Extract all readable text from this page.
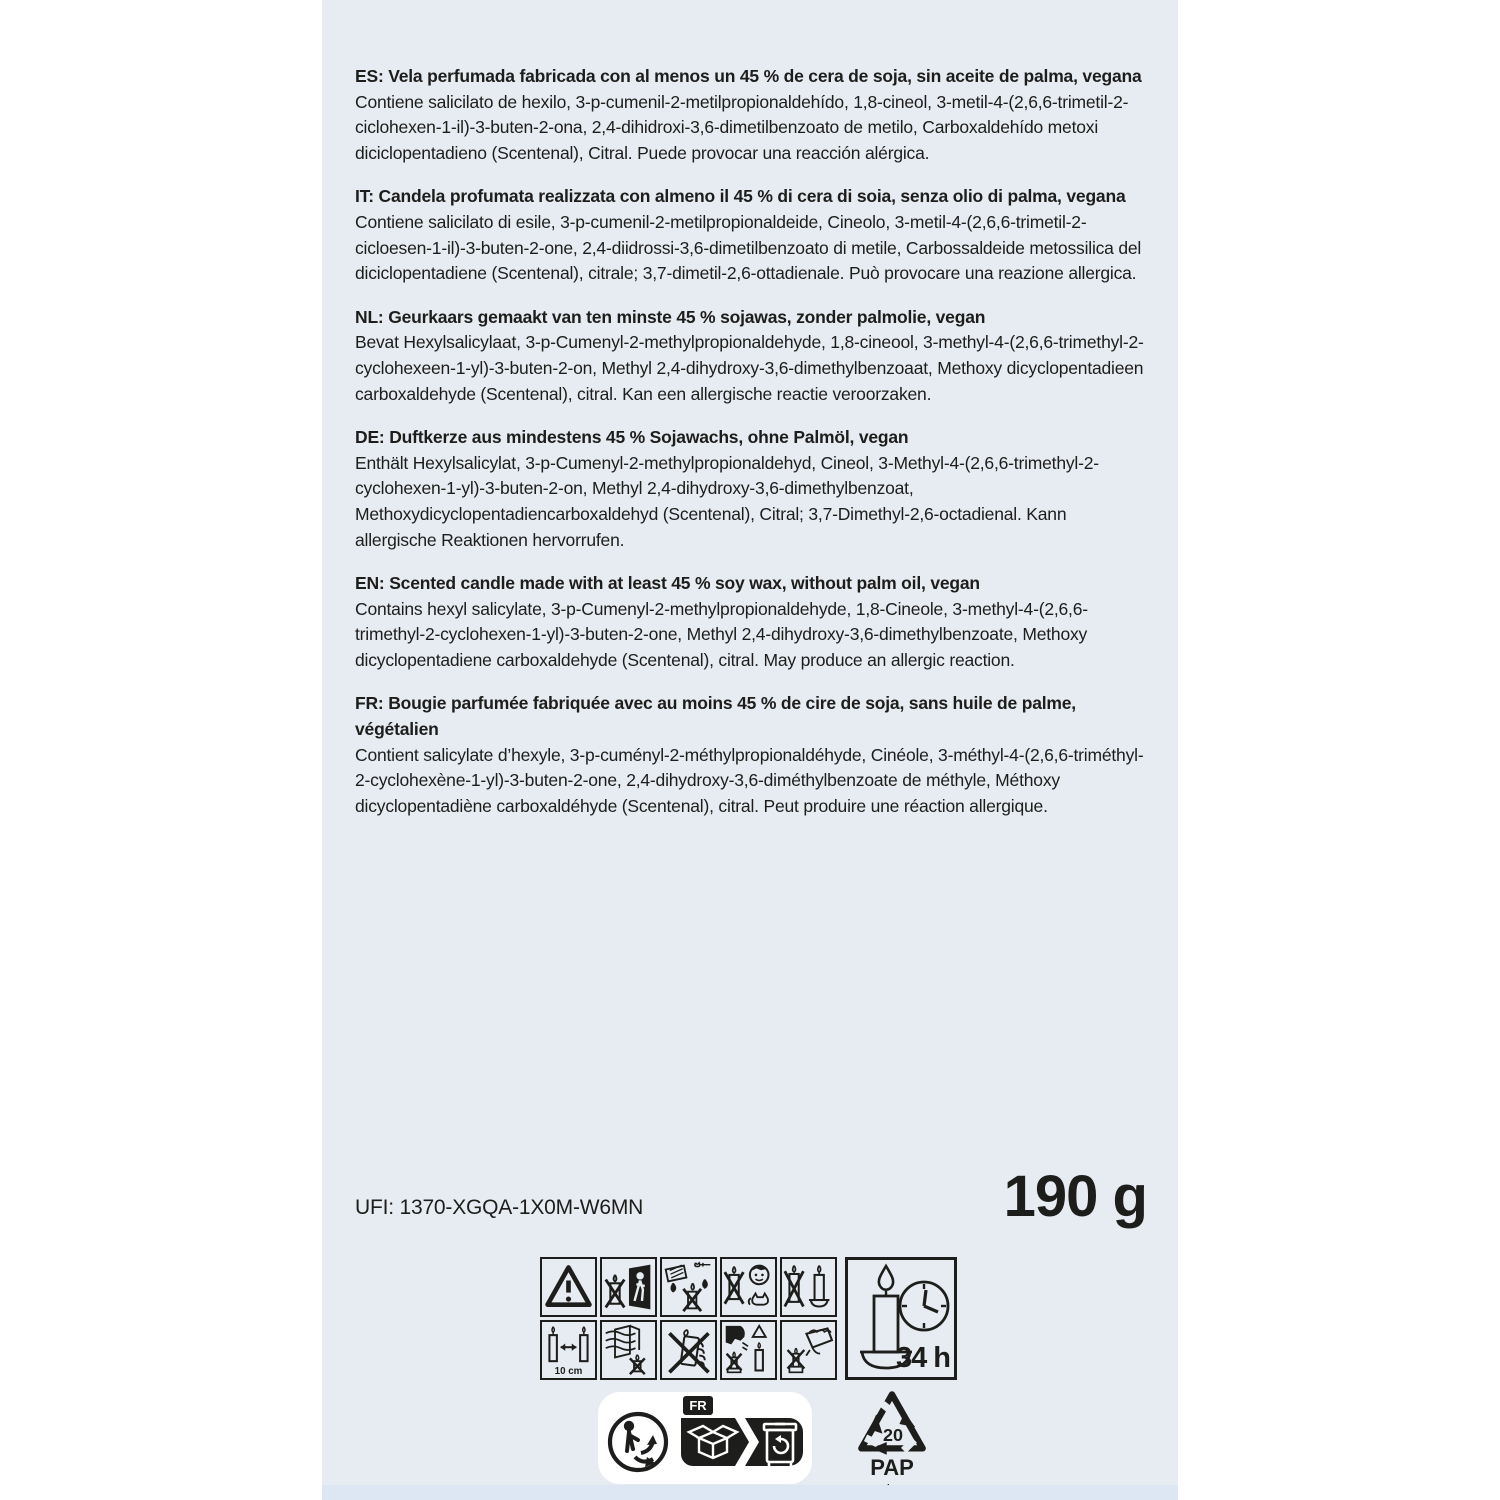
ES: Vela perfumada fabricada con al menos un 45 % de cera de soja, sin aceite de palma, vegana
Contiene salicilato de hexilo, 3-p-cumenil-2-metilpropionaldehído, 1,8-cineol, 3-metil-4-(2,6,6-trimetil-2-ciclohexen-1-il)-3-buten-2-ona, 2,4-dihidroxi-3,6-dimetilbenzoato de metilo, Carboxaldehído metoxi diciclopentadieno (Scentenal), Citral. Puede provocar una reacción alérgica.
IT: Candela profumata realizzata con almeno il 45 % di cera di soia, senza olio di palma, vegana
Contiene salicilato di esile, 3-p-cumenil-2-metilpropionaldeide, Cineolo, 3-metil-4-(2,6,6-trimetil-2-cicloesen-1-il)-3-buten-2-one, 2,4-diidrossi-3,6-dimetilbenzoato di metile, Carbossaldeide metossilica del diciclopentadiene (Scentenal), citrale; 3,7-dimetil-2,6-ottadienale. Può provocare una reazione allergica.
NL: Geurkaars gemaakt van ten minste 45 % sojawas, zonder palmolie, vegan
Bevat Hexylsalicylaat, 3-p-Cumenyl-2-methylpropionaldehyde, 1,8-cineool, 3-methyl-4-(2,6,6-trimethyl-2-cyclohexeen-1-yl)-3-buten-2-on, Methyl 2,4-dihydroxy-3,6-dimethylbenzoaat, Methoxy dicyclopentadieen carboxaldehyde (Scentenal), citral. Kan een allergische reactie veroorzaken.
DE: Duftkerze aus mindestens 45 % Sojawachs, ohne Palmöl, vegan
Enthält Hexylsalicylat, 3-p-Cumenyl-2-methylpropionaldehyd, Cineol, 3-Methyl-4-(2,6,6-trimethyl-2-cyclohexen-1-yl)-3-buten-2-on, Methyl 2,4-dihydroxy-3,6-dimethylbenzoat, Methoxydicyclopentadiencarboxaldehyd (Scentenal), Citral; 3,7-Dimethyl-2,6-octadienal. Kann allergische Reaktionen hervorrufen.
EN: Scented candle made with at least 45 % soy wax, without palm oil, vegan
Contains hexyl salicylate, 3-p-Cumenyl-2-methylpropionaldehyde, 1,8-Cineole, 3-methyl-4-(2,6,6-trimethyl-2-cyclohexen-1-yl)-3-buten-2-one, Methyl 2,4-dihydroxy-3,6-dimethylbenzoate, Methoxy dicyclopentadiene carboxaldehyde (Scentenal), citral. May produce an allergic reaction.
FR: Bougie parfumée fabriquée avec au moins 45 % de cire de soja, sans huile de palme, végétalien
Contient salicylate d’hexyle, 3-p-cuményl-2-méthylpropionaldéhyde, Cinéole, 3-méthyl-4-(2,6,6-triméthyl-2-cyclohexène-1-yl)-3-buten-2-one, 2,4-dihydroxy-3,6-diméthylbenzoate de méthyle, Méthoxy dicyclopentadiène carboxaldéhyde (Scentenal), citral. Peut produire une réaction allergique.
UFI: 1370-XGQA-1X0M-W6MN	190 g
10 cm	34 h
FR
20
PAP
